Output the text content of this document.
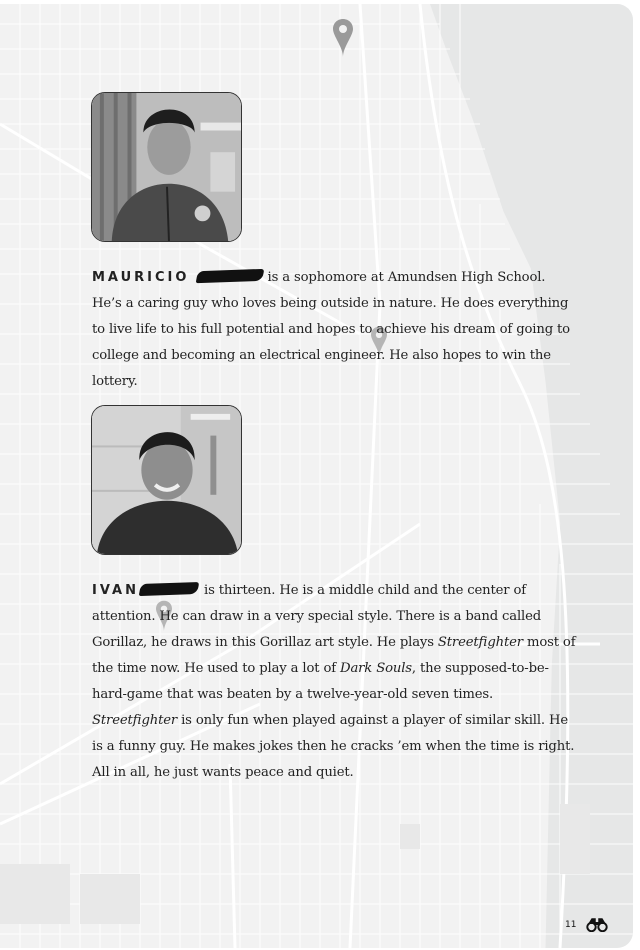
MAURICIO	is a sophomore at Amundsen High School. He’s a caring guy who loves being outside in nature. He does everything to live life to his full potential and hopes to achieve his dream of going to college and becoming an electrical engineer. He also hopes to win the lottery.
IVAN	is thirteen. He is a middle child and the center of attention. He can draw in a very special style. There is a band called Gorillaz, he draws in this Gorillaz art style. He plays Streetfighter most of the time now. He used to play a lot of Dark Souls, the supposed-to-be-hard-game that was beaten by a twelve-year-old seven times. Streetfighter is only fun when played against a player of similar skill. He is a funny guy. He makes jokes then he cracks ’em when the time is right. All in all, he just wants peace and quiet.
11
